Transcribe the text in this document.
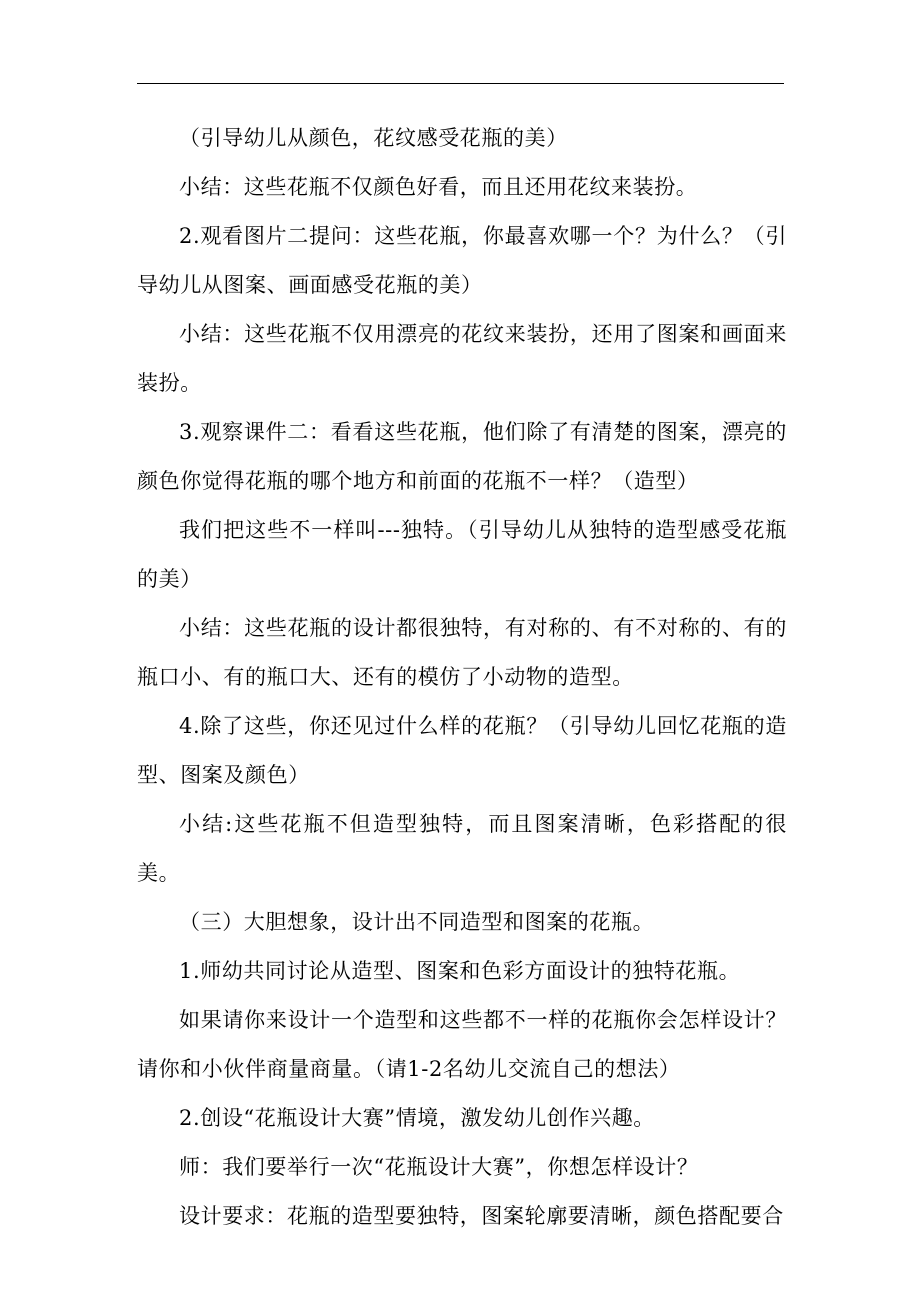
（引导幼儿从颜色，花纹感受花瓶的美）

小结：这些花瓶不仅颜色好看，而且还用花纹来装扮。

2.观看图片二提问：这些花瓶，你最喜欢哪一个？为什么？（引导幼儿从图案、画面感受花瓶的美）

小结：这些花瓶不仅用漂亮的花纹来装扮，还用了图案和画面来装扮。

3.观察课件二：看看这些花瓶，他们除了有清楚的图案，漂亮的颜色你觉得花瓶的哪个地方和前面的花瓶不一样？（造型）

我们把这些不一样叫---独特。（引导幼儿从独特的造型感受花瓶的美）

小结：这些花瓶的设计都很独特，有对称的、有不对称的、有的瓶口小、有的瓶口大、还有的模仿了小动物的造型。

4.除了这些，你还见过什么样的花瓶？（引导幼儿回忆花瓶的造型、图案及颜色）

小结:这些花瓶不但造型独特，而且图案清晰，色彩搭配的很美。

（三）大胆想象，设计出不同造型和图案的花瓶。

1.师幼共同讨论从造型、图案和色彩方面设计的独特花瓶。

如果请你来设计一个造型和这些都不一样的花瓶你会怎样设计？请你和小伙伴商量商量。（请1-2名幼儿交流自己的想法）

2.创设“花瓶设计大赛”情境，激发幼儿创作兴趣。

师：我们要举行一次“花瓶设计大赛”，你想怎样设计？

设计要求：花瓶的造型要独特，图案轮廓要清晰，颜色搭配要合
